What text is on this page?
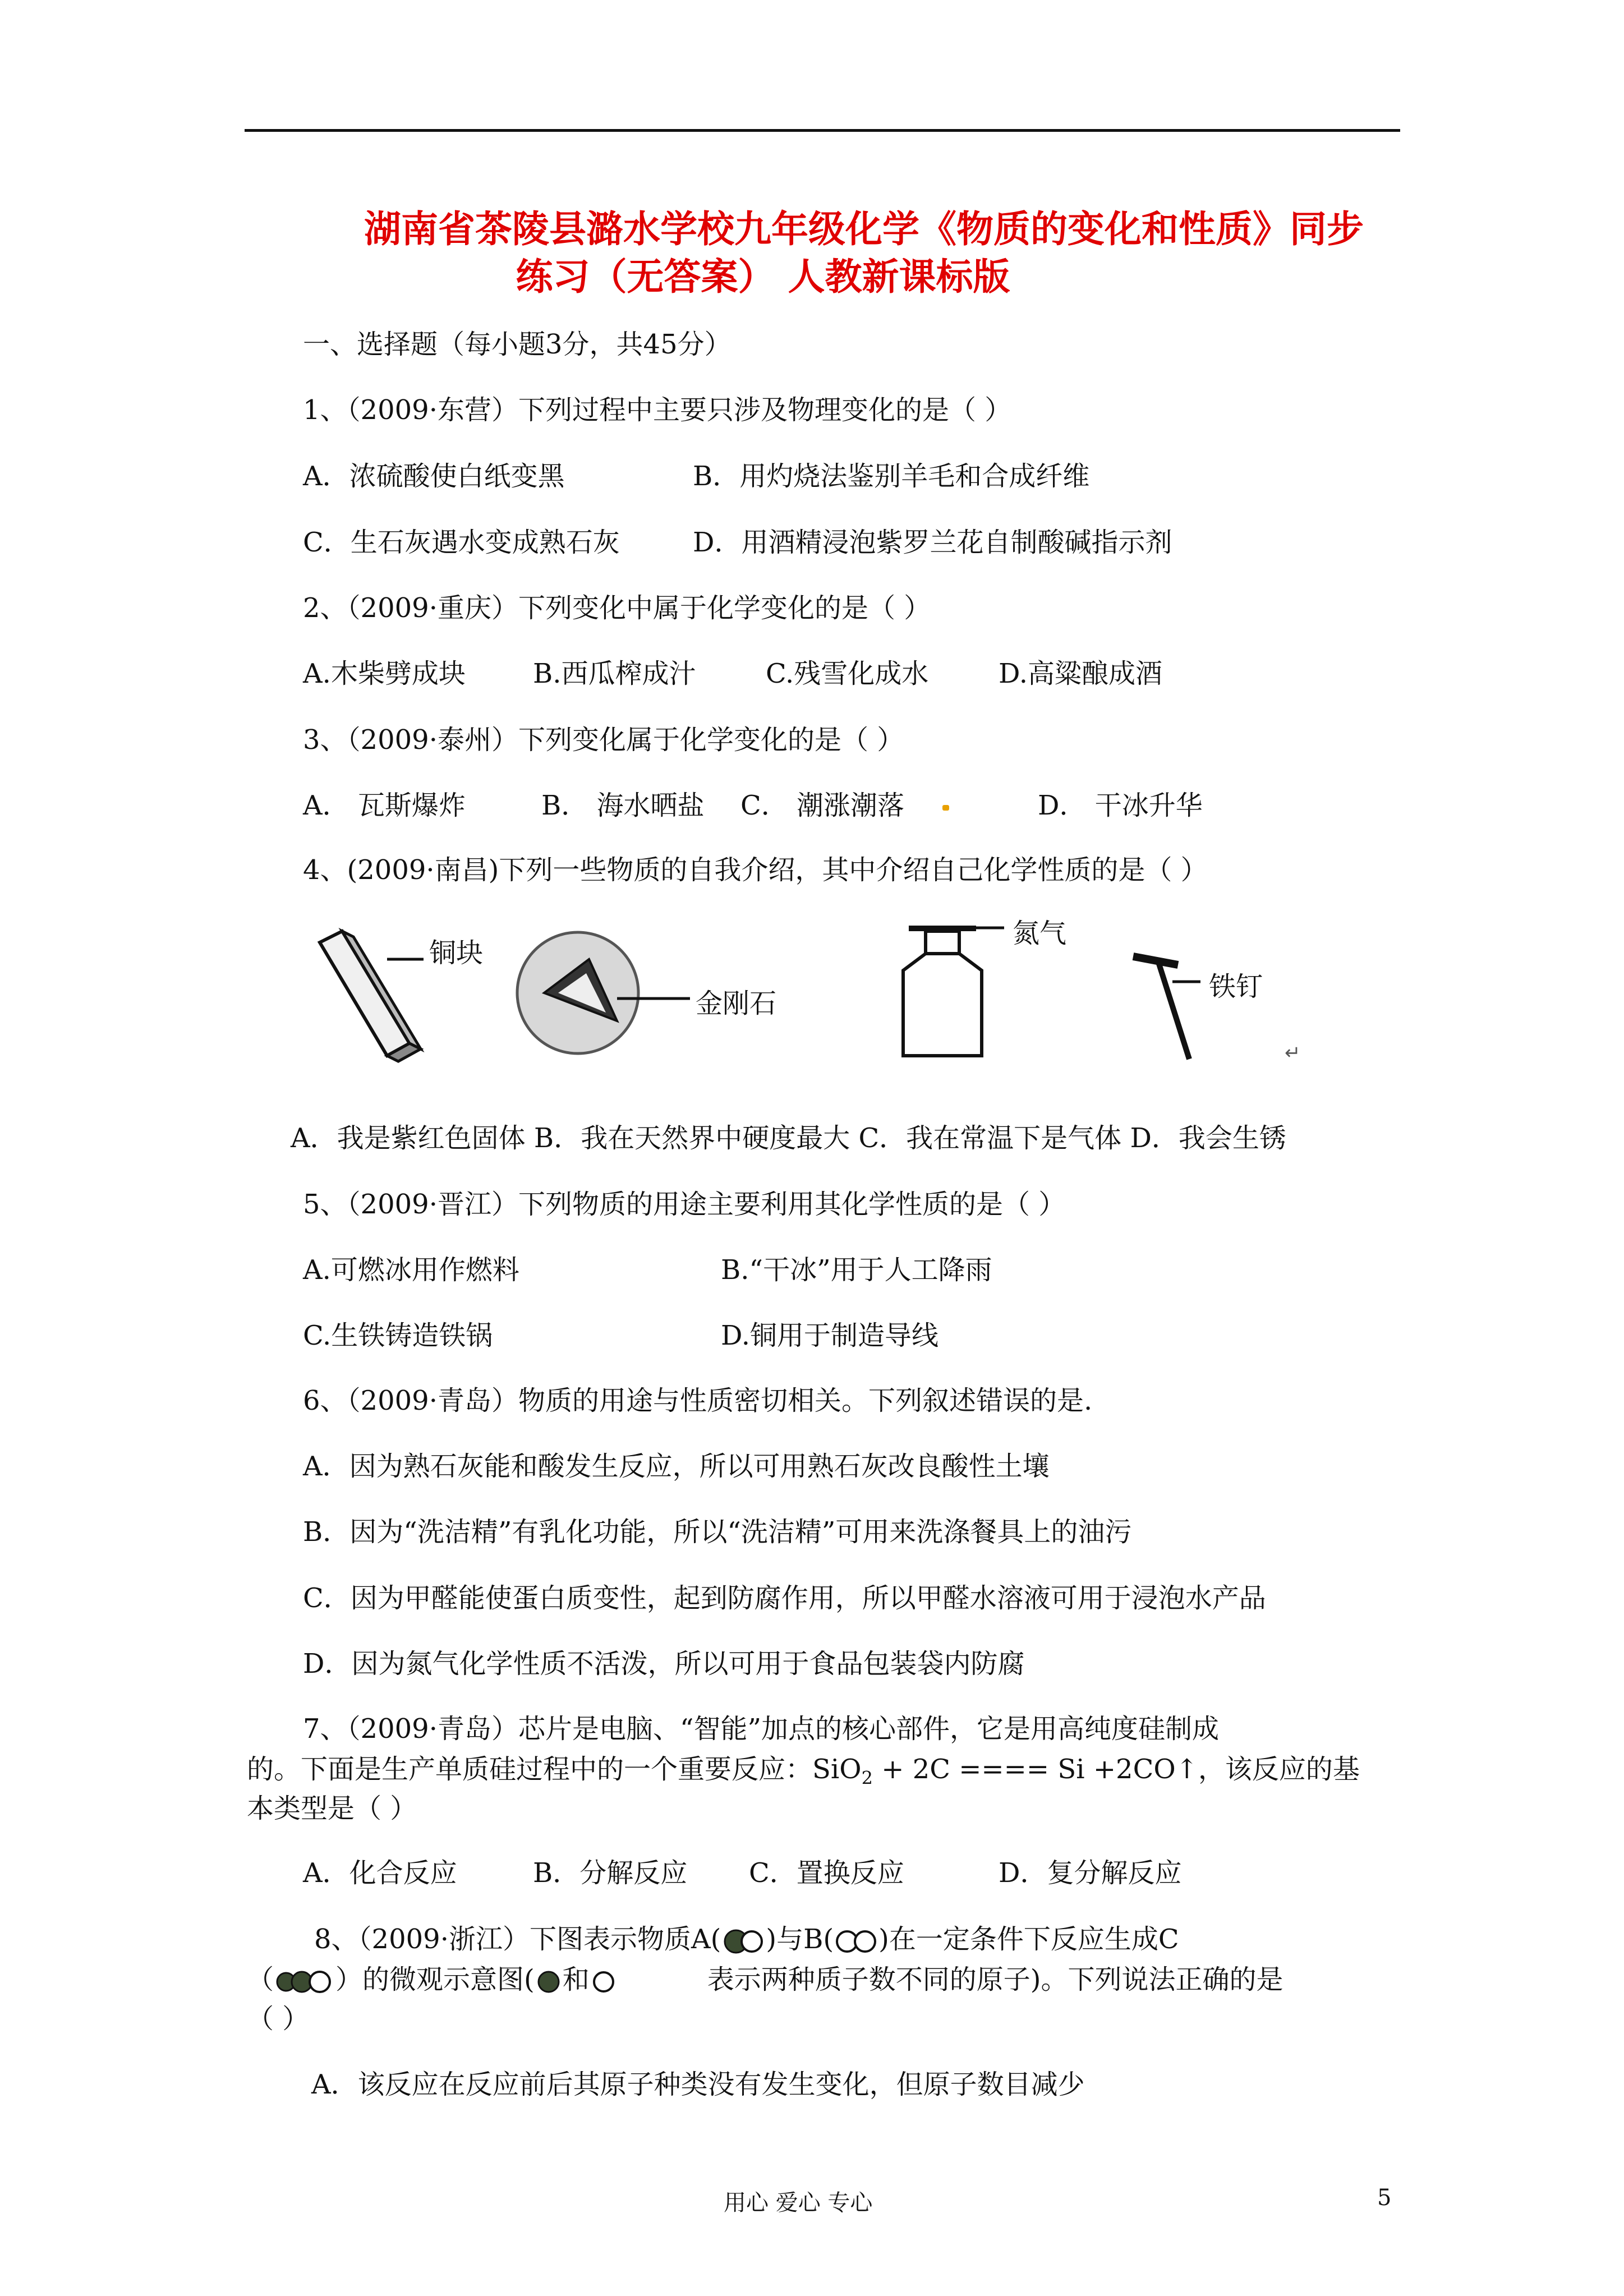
湖南省茶陵县潞水学校九年级化学《物质的变化和性质》同步
练习（无答案） 人教新课标版
一、选择题（每小题3分，共45分）
1、（2009·东营）下列过程中主要只涉及物理变化的是（ ）
A．浓硫酸使白纸变黑	B．用灼烧法鉴别羊毛和合成纤维
C．生石灰遇水变成熟石灰	D．用酒精浸泡紫罗兰花自制酸碱指示剂
2、（2009·重庆）下列变化中属于化学变化的是（ ）
A.木柴劈成块	B.西瓜榨成汁	C.残雪化成水	D.高粱酿成酒
3、（2009·泰州）下列变化属于化学变化的是（ ）
A． 瓦斯爆炸	B． 海水晒盐 C． 潮涨潮落	D． 干冰升华
4、(2009·南昌)下列一些物质的自我介绍，其中介绍自己化学性质的是（ ）
↵
铜块
金刚石
氮气
铁钉
A．我是紫红色固体 B．我在天然界中硬度最大 C．我在常温下是气体 D．我会生锈
5、（2009·晋江）下列物质的用途主要利用其化学性质的是（ ）
A.可燃冰用作燃料	B.“干冰”用于人工降雨
C.生铁铸造铁锅	D.铜用于制造导线
6、（2009·青岛）物质的用途与性质密切相关。下列叙述错误的是.
A．因为熟石灰能和酸发生反应，所以可用熟石灰改良酸性土壤
B．因为“洗洁精”有乳化功能，所以“洗洁精”可用来洗涤餐具上的油污
C．因为甲醛能使蛋白质变性，起到防腐作用，所以甲醛水溶液可用于浸泡水产品
D．因为氮气化学性质不活泼，所以可用于食品包装袋内防腐
7、（2009·青岛）芯片是电脑、“智能”加点的核心部件，它是用高纯度硅制成
的。下面是生产单质硅过程中的一个重要反应：SiO$_2$ + 2C ==== Si +2CO↑，该反应的基
本类型是（ ）
A．化合反应	B．分解反应 C．置换反应	D．复分解反应
8、（2009·浙江）下图表示物质A( )与B( )在一定条件下反应生成C
（ ）的微观示意图( 和	表示两种质子数不同的原子)。下列说法正确的是
（ ）
A．该反应在反应前后其原子种类没有发生变化，但原子数目减少
用心 爱心 专心	5
